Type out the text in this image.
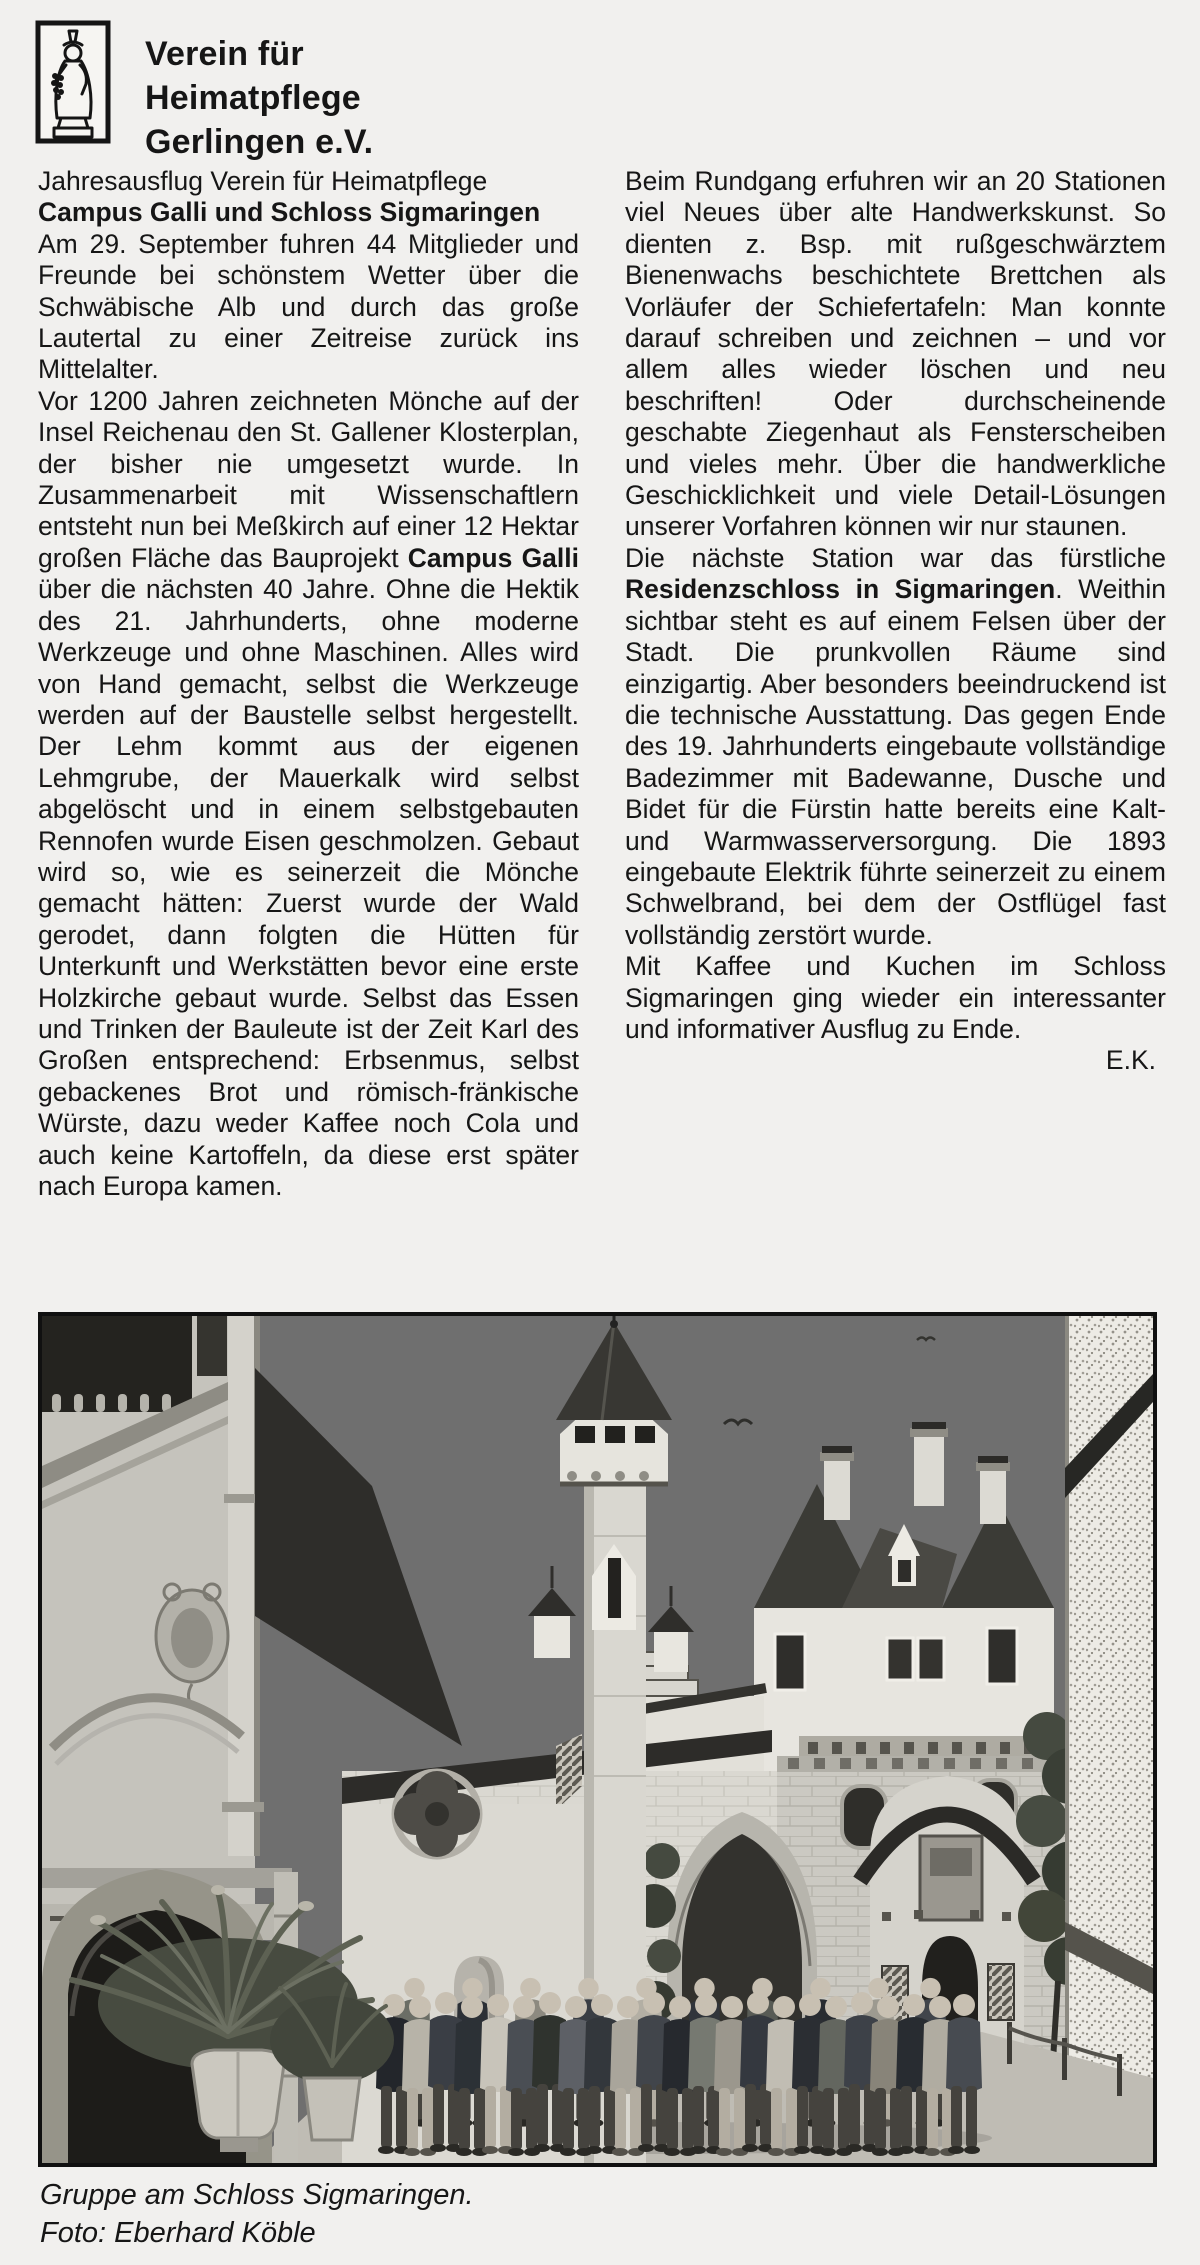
Verein für
Heimatpflege
Gerlingen e.V.

Jahresausflug Verein für Heimatpflege

Campus Galli und Schloss Sigmaringen

Am 29. September fuhren 44 Mitglieder und Freunde bei schönstem Wetter über die Schwäbische Alb und durch das große Lautertal zu einer Zeitreise zurück ins Mittelalter.

Vor 1200 Jahren zeichneten Mönche auf der Insel Reichenau den St. Gallener Klosterplan, der bisher nie umgesetzt wurde. In Zusammenarbeit mit Wissenschaftlern entsteht nun bei Meßkirch auf einer 12 Hektar großen Fläche das Bauprojekt Campus Galli über die nächsten 40 Jahre. Ohne die Hektik des 21. Jahrhunderts, ohne moderne Werkzeuge und ohne Maschinen. Alles wird von Hand gemacht, selbst die Werkzeuge werden auf der Baustelle selbst hergestellt. Der Lehm kommt aus der eigenen Lehmgrube, der Mauerkalk wird selbst abgelöscht und in einem selbstgebauten Rennofen wurde Eisen geschmolzen. Gebaut wird so, wie es seinerzeit die Mönche gemacht hätten: Zuerst wurde der Wald gerodet, dann folgten die Hütten für Unterkunft und Werkstätten bevor eine erste Holzkirche gebaut wurde. Selbst das Essen und Trinken der Bauleute ist der Zeit Karl des Großen entsprechend: Erbsenmus, selbst gebackenes Brot und römisch-fränkische Würste, dazu weder Kaffee noch Cola und auch keine Kartoffeln, da diese erst später nach Europa kamen.

Beim Rundgang erfuhren wir an 20 Stationen viel Neues über alte Handwerkskunst. So dienten z. Bsp. mit rußgeschwärztem Bienenwachs beschichtete Brettchen als Vorläufer der Schiefertafeln: Man konnte darauf schreiben und zeichnen – und vor allem alles wieder löschen und neu beschriften! Oder durchscheinende geschabte Ziegenhaut als Fensterscheiben und vieles mehr. Über die handwerkliche Geschicklichkeit und viele Detail-Lösungen unserer Vorfahren können wir nur staunen.

Die nächste Station war das fürstliche Residenzschloss in Sigmaringen. Weithin sichtbar steht es auf einem Felsen über der Stadt. Die prunkvollen Räume sind einzigartig. Aber besonders beeindruckend ist die technische Ausstattung. Das gegen Ende des 19. Jahrhunderts eingebaute vollständige Badezimmer mit Badewanne, Dusche und Bidet für die Fürstin hatte bereits eine Kalt- und Warmwasserversorgung. Die 1893 eingebaute Elektrik führte seinerzeit zu einem Schwelbrand, bei dem der Ostflügel fast vollständig zerstört wurde.

Mit Kaffee und Kuchen im Schloss Sigmaringen ging wieder ein interessanter und informativer Ausflug zu Ende.

E.K.

Gruppe am Schloss Sigmaringen.
Foto: Eberhard Köble
